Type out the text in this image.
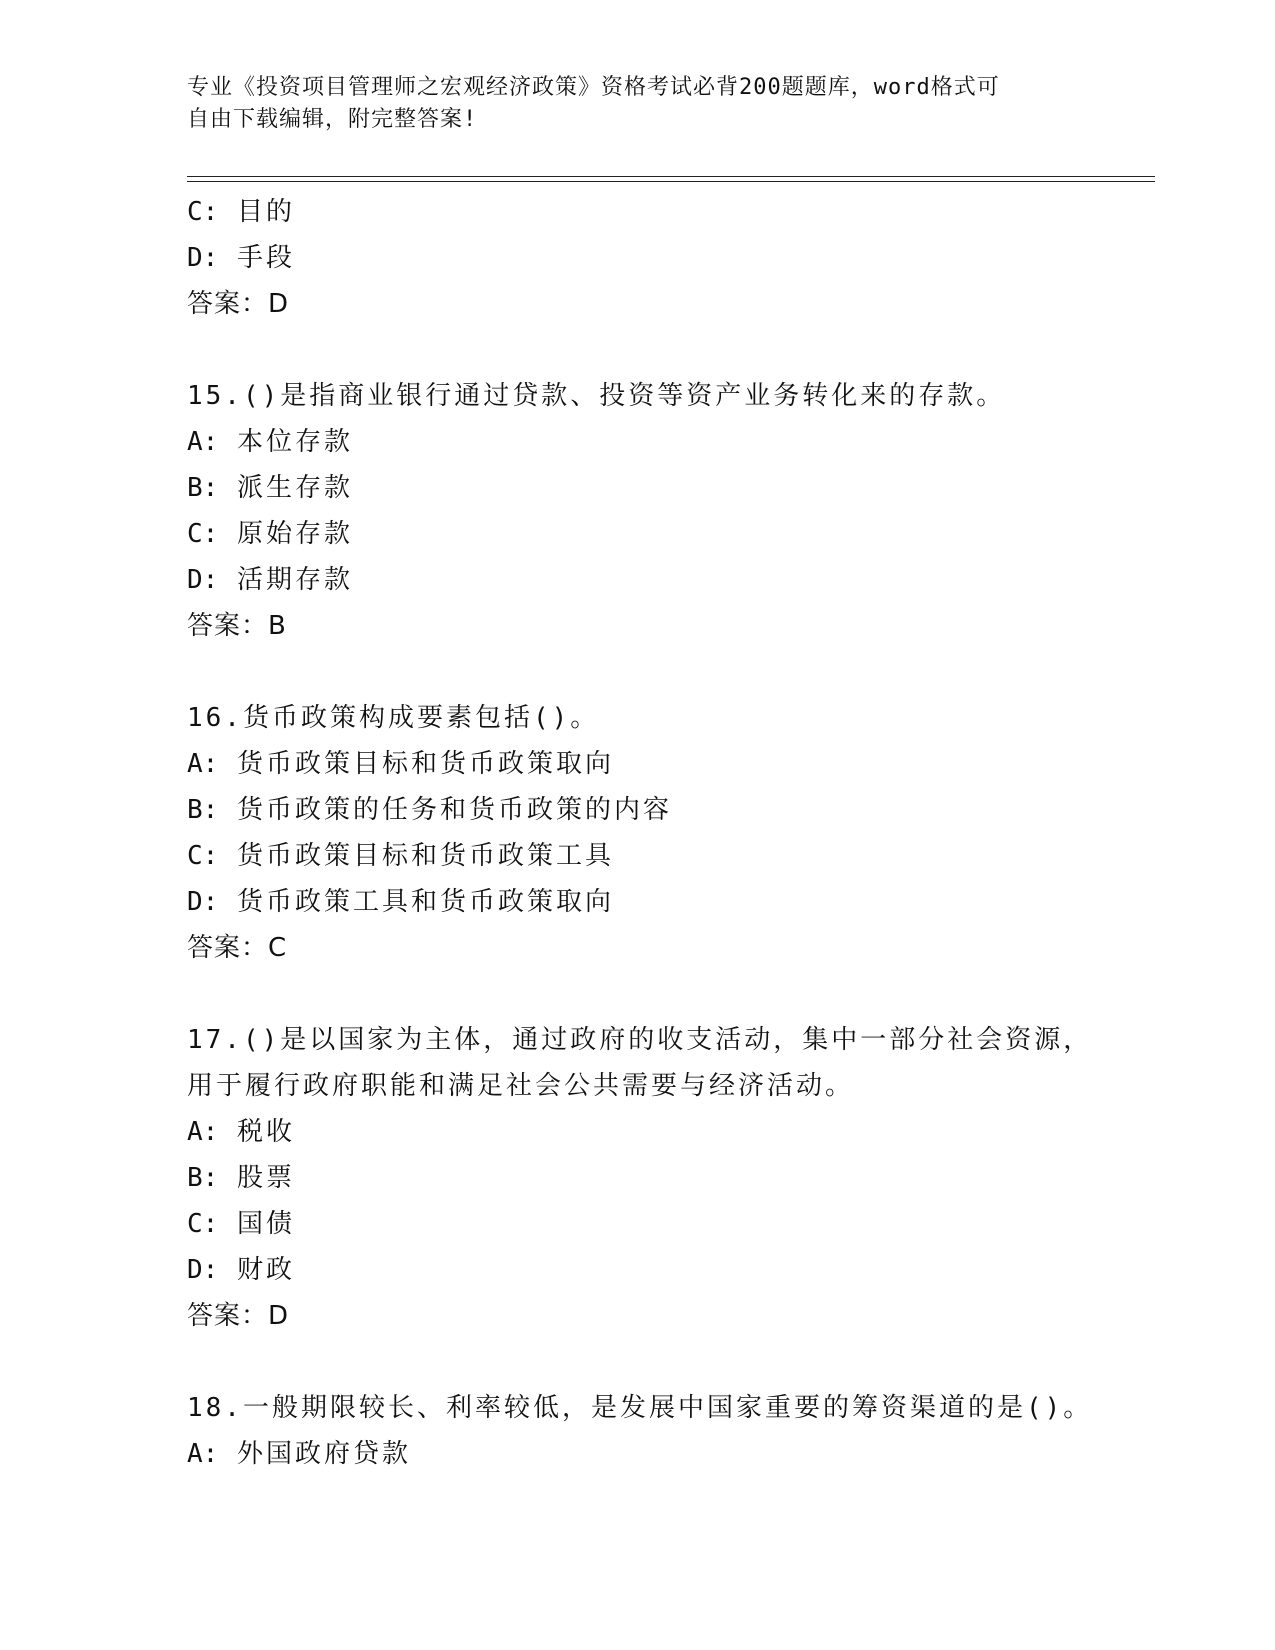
专业《投资项目管理师之宏观经济政策》资格考试必背200题题库，word格式可
自由下载编辑，附完整答案!
C: 目的
D: 手段
答案：D
15.()是指商业银行通过贷款、投资等资产业务转化来的存款。
A: 本位存款
B: 派生存款
C: 原始存款
D: 活期存款
答案：B
16.货币政策构成要素包括()。
A: 货币政策目标和货币政策取向
B: 货币政策的任务和货币政策的内容
C: 货币政策目标和货币政策工具
D: 货币政策工具和货币政策取向
答案：C
17.()是以国家为主体，通过政府的收支活动，集中一部分社会资源，
用于履行政府职能和满足社会公共需要与经济活动。
A: 税收
B: 股票
C: 国债
D: 财政
答案：D
18.一般期限较长、利率较低，是发展中国家重要的筹资渠道的是()。
A: 外国政府贷款
